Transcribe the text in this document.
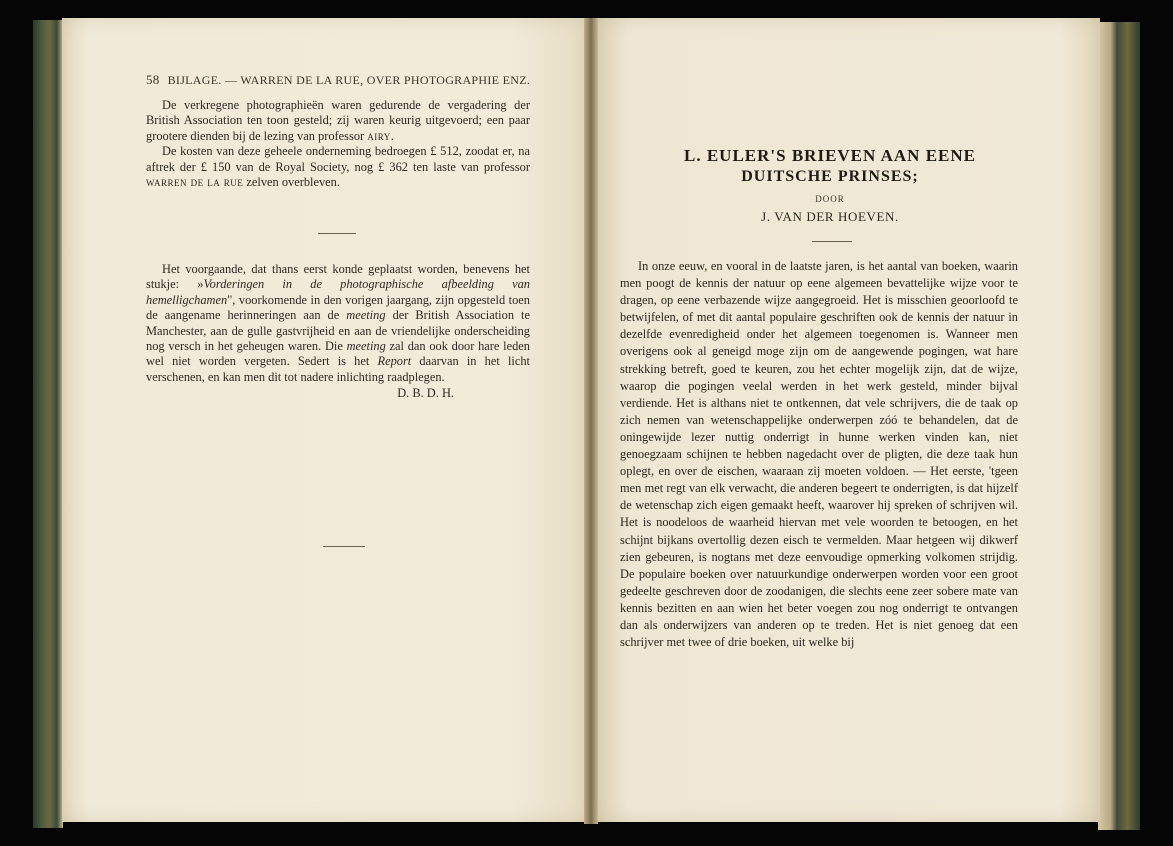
58 BIJLAGE. — WARREN DE LA RUE, OVER PHOTOGRAPHIE ENZ.

De verkregene photographieën waren gedurende de vergadering der British Association ten toon gesteld; zij waren keurig uitgevoerd; een paar grootere dienden bij de lezing van professor airy.

De kosten van deze geheele onderneming bedroegen £ 512, zoodat er, na aftrek der £ 150 van de Royal Society, nog £ 362 ten laste van professor warren de la rue zelven overbleven.

Het voorgaande, dat thans eerst konde geplaatst worden, benevens het stukje: »Vorderingen in de photographische afbeelding van hemelligchamen", voorkomende in den vorigen jaargang, zijn opgesteld toen de aangename herinneringen aan de meeting der British Association te Manchester, aan de gulle gastvrijheid en aan de vriendelijke onderscheiding nog versch in het geheugen waren. Die meeting zal dan ook door hare leden wel niet worden vergeten. Sedert is het Report daarvan in het licht verschenen, en kan men dit tot nadere inlichting raadplegen.

D. B. D. H.
L. EULER'S BRIEVEN AAN EENE
DUITSCHE PRINSES;
DOOR
J. VAN DER HOEVEN.

In onze eeuw, en vooral in de laatste jaren, is het aantal van boeken, waarin men poogt de kennis der natuur op eene algemeen bevattelijke wijze voor te dragen, op eene verbazende wijze aangegroeid. Het is misschien geoorloofd te betwijfelen, of met dit aantal populaire geschriften ook de kennis der natuur in dezelfde evenredigheid onder het algemeen toegenomen is. Wanneer men overigens ook al geneigd moge zijn om de aangewende pogingen, wat hare strekking betreft, goed te keuren, zou het echter mogelijk zijn, dat de wijze, waarop die pogingen veelal werden in het werk gesteld, minder bijval verdiende. Het is althans niet te ontkennen, dat vele schrijvers, die de taak op zich nemen van wetenschappelijke onderwerpen zóó te behandelen, dat de oningewijde lezer nuttig onderrigt in hunne werken vinden kan, niet genoegzaam schijnen te hebben nagedacht over de pligten, die deze taak hun oplegt, en over de eischen, waaraan zij moeten voldoen. — Het eerste, 'tgeen men met regt van elk verwacht, die anderen begeert te onderrigten, is dat hijzelf de wetenschap zich eigen gemaakt heeft, waarover hij spreken of schrijven wil. Het is noodeloos de waarheid hiervan met vele woorden te betoogen, en het schijnt bijkans overtollig dezen eisch te vermelden. Maar hetgeen wij dikwerf zien gebeuren, is nogtans met deze eenvoudige opmerking volkomen strijdig. De populaire boeken over natuurkundige onderwerpen worden voor een groot gedeelte geschreven door de zoodanigen, die slechts eene zeer sobere mate van kennis bezitten en aan wien het beter voegen zou nog onderrigt te ontvangen dan als onderwijzers van anderen op te treden. Het is niet genoeg dat een schrijver met twee of drie boeken, uit welke bij
